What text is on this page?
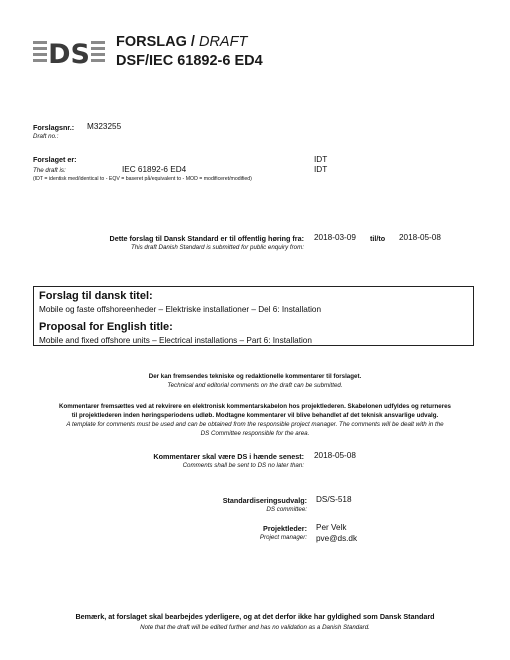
DS FORSLAG / DRAFT
DSF/IEC 61892-6 ED4
Forslagsnr.: M323255
Draft no.:
Forslaget er:
The draft is:	IEC 61892-6 ED4
IDT
IDT
(IDT = identisk med/identical to - EQV = baseret på/equivalent to - MOD = modificeret/modified)
Dette forslag til Dansk Standard er til offentlig høring fra:
This draft Danish Standard is submitted for public enquiry from:
2018-03-09 til/to 2018-05-08
Forslag til dansk titel:
Mobile og faste offshoreenheder – Elektriske installationer – Del 6: Installation
Proposal for English title:
Mobile and fixed offshore units – Electrical installations – Part 6: Installation
Der kan fremsendes tekniske og redaktionelle kommentarer til forslaget.
Technical and editorial comments on the draft can be submitted.
Kommentarer fremsættes ved at rekvirere en elektronisk kommentarskabelon hos projektlederen. Skabelonen udfyldes og returneres
til projektlederen inden høringsperiodens udløb. Modtagne kommentarer vil blive behandlet af det teknisk ansvarlige udvalg.
A template for comments must be used and can be obtained from the responsible project manager. The comments will be dealt with in the
DS Committee responsible for the area.
Kommentarer skal være DS i hænde senest:
Comments shall be sent to DS no later than:
2018-05-08
Standardiseringsudvalg:
DS committee:
DS/S-518
Projektleder:
Project manager:
Per Velk
pve@ds.dk
Bemærk, at forslaget skal bearbejdes yderligere, og at det derfor ikke har gyldighed som Dansk Standard
Note that the draft will be edited further and has no validation as a Danish Standard.
